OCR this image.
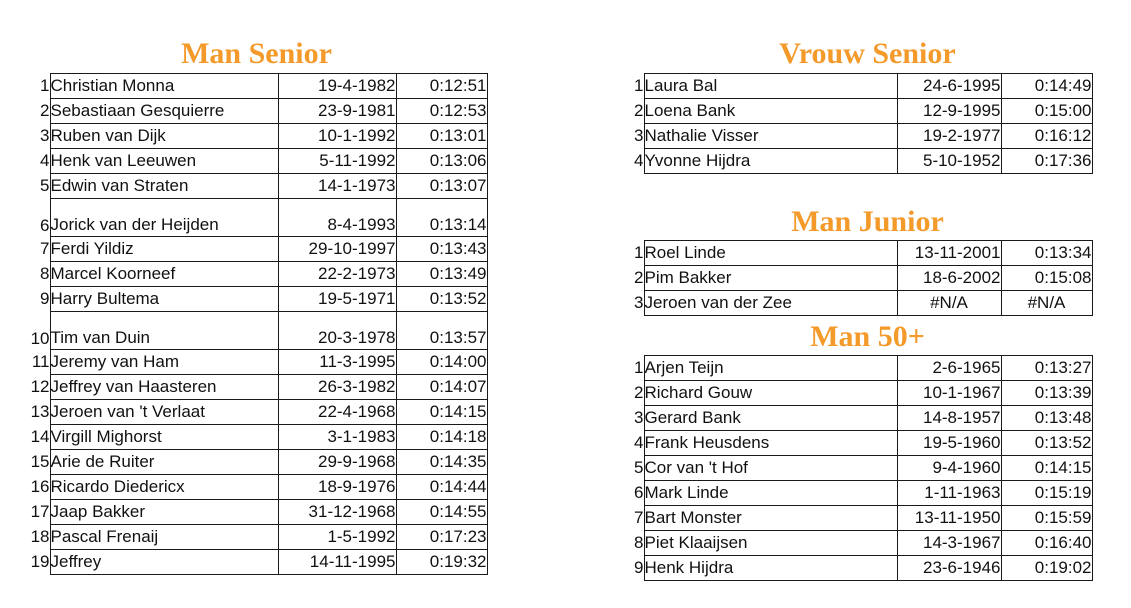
Man Senior
1	Christian Monna	19-4-1982	0:12:51
2	Sebastiaan Gesquierre	23-9-1981	0:12:53
3	Ruben van Dijk	10-1-1992	0:13:01
4	Henk van Leeuwen	5-11-1992	0:13:06
5	Edwin van Straten	14-1-1973	0:13:07
6	Jorick van der Heijden	8-4-1993	0:13:14
7	Ferdi Yildiz	29-10-1997	0:13:43
8	Marcel Koorneef	22-2-1973	0:13:49
9	Harry Bultema	19-5-1971	0:13:52
10	Tim van Duin	20-3-1978	0:13:57
11	Jeremy van Ham	11-3-1995	0:14:00
12	Jeffrey van Haasteren	26-3-1982	0:14:07
13	Jeroen van 't Verlaat	22-4-1968	0:14:15
14	Virgill Mighorst	3-1-1983	0:14:18
15	Arie de Ruiter	29-9-1968	0:14:35
16	Ricardo Diedericx	18-9-1976	0:14:44
17	Jaap Bakker	31-12-1968	0:14:55
18	Pascal Frenaij	1-5-1992	0:17:23
19	Jeffrey	14-11-1995	0:19:32
Vrouw Senior
1	Laura Bal	24-6-1995	0:14:49
2	Loena Bank	12-9-1995	0:15:00
3	Nathalie Visser	19-2-1977	0:16:12
4	Yvonne Hijdra	5-10-1952	0:17:36
Man Junior
1	Roel Linde	13-11-2001	0:13:34
2	Pim Bakker	18-6-2002	0:15:08
3	Jeroen van der Zee	#N/A	#N/A
Man 50+
1	Arjen Teijn	2-6-1965	0:13:27
2	Richard Gouw	10-1-1967	0:13:39
3	Gerard Bank	14-8-1957	0:13:48
4	Frank Heusdens	19-5-1960	0:13:52
5	Cor van 't Hof	9-4-1960	0:14:15
6	Mark Linde	1-11-1963	0:15:19
7	Bart Monster	13-11-1950	0:15:59
8	Piet Klaaijsen	14-3-1967	0:16:40
9	Henk Hijdra	23-6-1946	0:19:02
